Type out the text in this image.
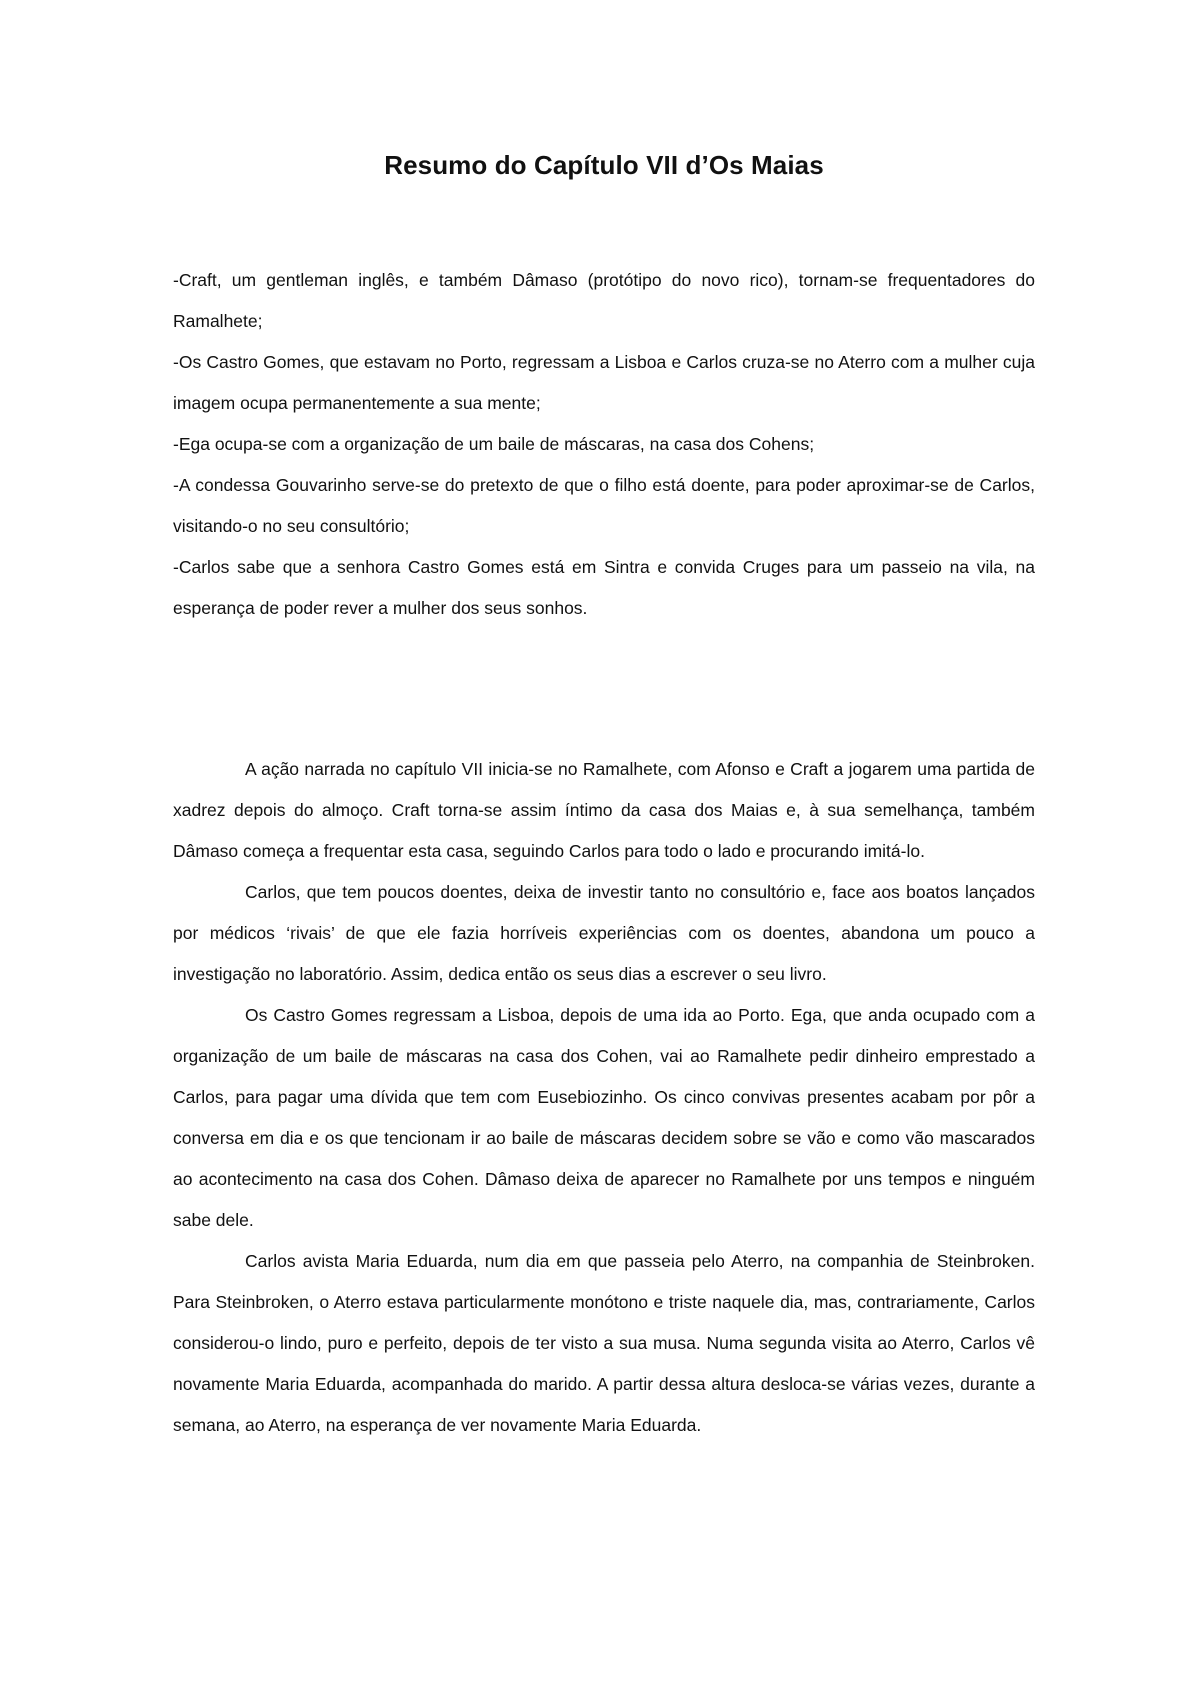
Resumo do Capítulo VII d’Os Maias
-Craft, um gentleman inglês, e também Dâmaso (protótipo do novo rico), tornam-se frequentadores do Ramalhete;
-Os Castro Gomes, que estavam no Porto, regressam a Lisboa e Carlos cruza-se no Aterro com a mulher cuja imagem ocupa permanentemente a sua mente;
-Ega ocupa-se com a organização de um baile de máscaras, na casa dos Cohens;
-A condessa Gouvarinho serve-se do pretexto de que o filho está doente, para poder aproximar-se de Carlos, visitando-o no seu consultório;
-Carlos sabe que a senhora Castro Gomes está em Sintra e convida Cruges para um passeio na vila, na esperança de poder rever a mulher dos seus sonhos.

A ação narrada no capítulo VII inicia-se no Ramalhete, com Afonso e Craft a jogarem uma partida de xadrez depois do almoço. Craft torna-se assim íntimo da casa dos Maias e, à sua semelhança, também Dâmaso começa a frequentar esta casa, seguindo Carlos para todo o lado e procurando imitá-lo.

Carlos, que tem poucos doentes, deixa de investir tanto no consultório e, face aos boatos lançados por médicos ‘rivais’ de que ele fazia horríveis experiências com os doentes, abandona um pouco a investigação no laboratório. Assim, dedica então os seus dias a escrever o seu livro.

Os Castro Gomes regressam a Lisboa, depois de uma ida ao Porto. Ega, que anda ocupado com a organização de um baile de máscaras na casa dos Cohen, vai ao Ramalhete pedir dinheiro emprestado a Carlos, para pagar uma dívida que tem com Eusebiozinho. Os cinco convivas presentes acabam por pôr a conversa em dia e os que tencionam ir ao baile de máscaras decidem sobre se vão e como vão mascarados ao acontecimento na casa dos Cohen. Dâmaso deixa de aparecer no Ramalhete por uns tempos e ninguém sabe dele.

Carlos avista Maria Eduarda, num dia em que passeia pelo Aterro, na companhia de Steinbroken. Para Steinbroken, o Aterro estava particularmente monótono e triste naquele dia, mas, contrariamente, Carlos considerou-o lindo, puro e perfeito, depois de ter visto a sua musa. Numa segunda visita ao Aterro, Carlos vê novamente Maria Eduarda, acompanhada do marido. A partir dessa altura desloca-se várias vezes, durante a semana, ao Aterro, na esperança de ver novamente Maria Eduarda.
